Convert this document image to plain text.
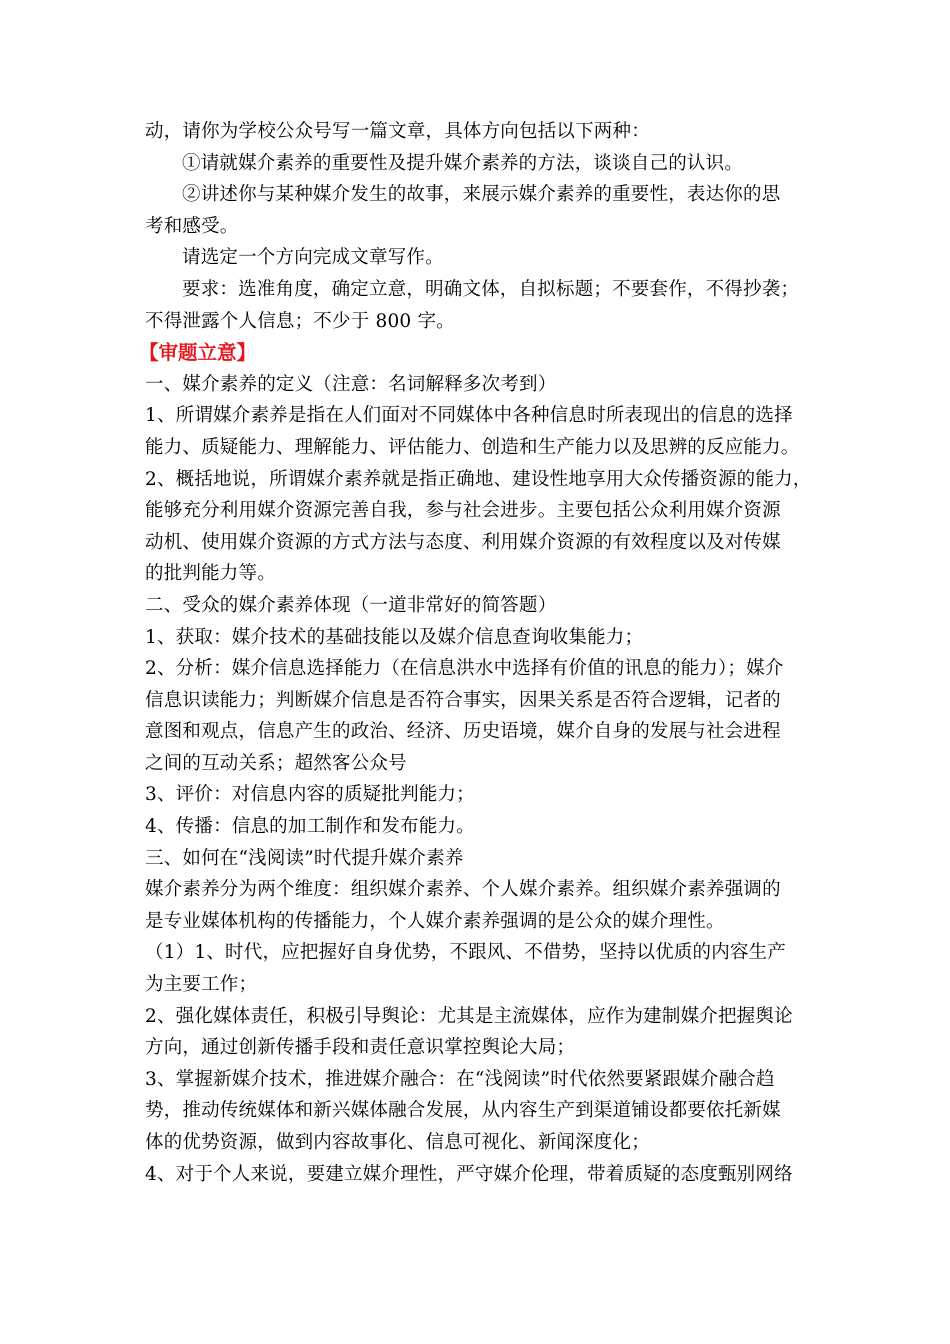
动，请你为学校公众号写一篇文章，具体方向包括以下两种：
①请就媒介素养的重要性及提升媒介素养的方法，谈谈自己的认识。
②讲述你与某种媒介发生的故事，来展示媒介素养的重要性，表达你的思
考和感受。
请选定一个方向完成文章写作。
要求：选准角度，确定立意，明确文体，自拟标题；不要套作，不得抄袭；
不得泄露个人信息；不少于 800 字。
【审题立意】
一、媒介素养的定义（注意：名词解释多次考到）
1、所谓媒介素养是指在人们面对不同媒体中各种信息时所表现出的信息的选择
能力、质疑能力、理解能力、评估能力、创造和生产能力以及思辨的反应能力。
2、概括地说，所谓媒介素养就是指正确地、建设性地享用大众传播资源的能力，
能够充分利用媒介资源完善自我，参与社会进步。主要包括公众利用媒介资源
动机、使用媒介资源的方式方法与态度、利用媒介资源的有效程度以及对传媒
的批判能力等。
二、受众的媒介素养体现（一道非常好的简答题）
1、获取：媒介技术的基础技能以及媒介信息查询收集能力；
2、分析：媒介信息选择能力（在信息洪水中选择有价值的讯息的能力）；媒介
信息识读能力；判断媒介信息是否符合事实，因果关系是否符合逻辑，记者的
意图和观点，信息产生的政治、经济、历史语境，媒介自身的发展与社会进程
之间的互动关系；超然客公众号
3、评价：对信息内容的质疑批判能力；
4、传播：信息的加工制作和发布能力。
三、如何在“浅阅读”时代提升媒介素养
媒介素养分为两个维度：组织媒介素养、个人媒介素养。组织媒介素养强调的
是专业媒体机构的传播能力，个人媒介素养强调的是公众的媒介理性。
（1）1、时代，应把握好自身优势，不跟风、不借势，坚持以优质的内容生产
为主要工作；
2、强化媒体责任，积极引导舆论：尤其是主流媒体，应作为建制媒介把握舆论
方向，通过创新传播手段和责任意识掌控舆论大局；
3、掌握新媒介技术，推进媒介融合：在“浅阅读”时代依然要紧跟媒介融合趋
势，推动传统媒体和新兴媒体融合发展，从内容生产到渠道铺设都要依托新媒
体的优势资源，做到内容故事化、信息可视化、新闻深度化；
4、对于个人来说，要建立媒介理性，严守媒介伦理，带着质疑的态度甄别网络
